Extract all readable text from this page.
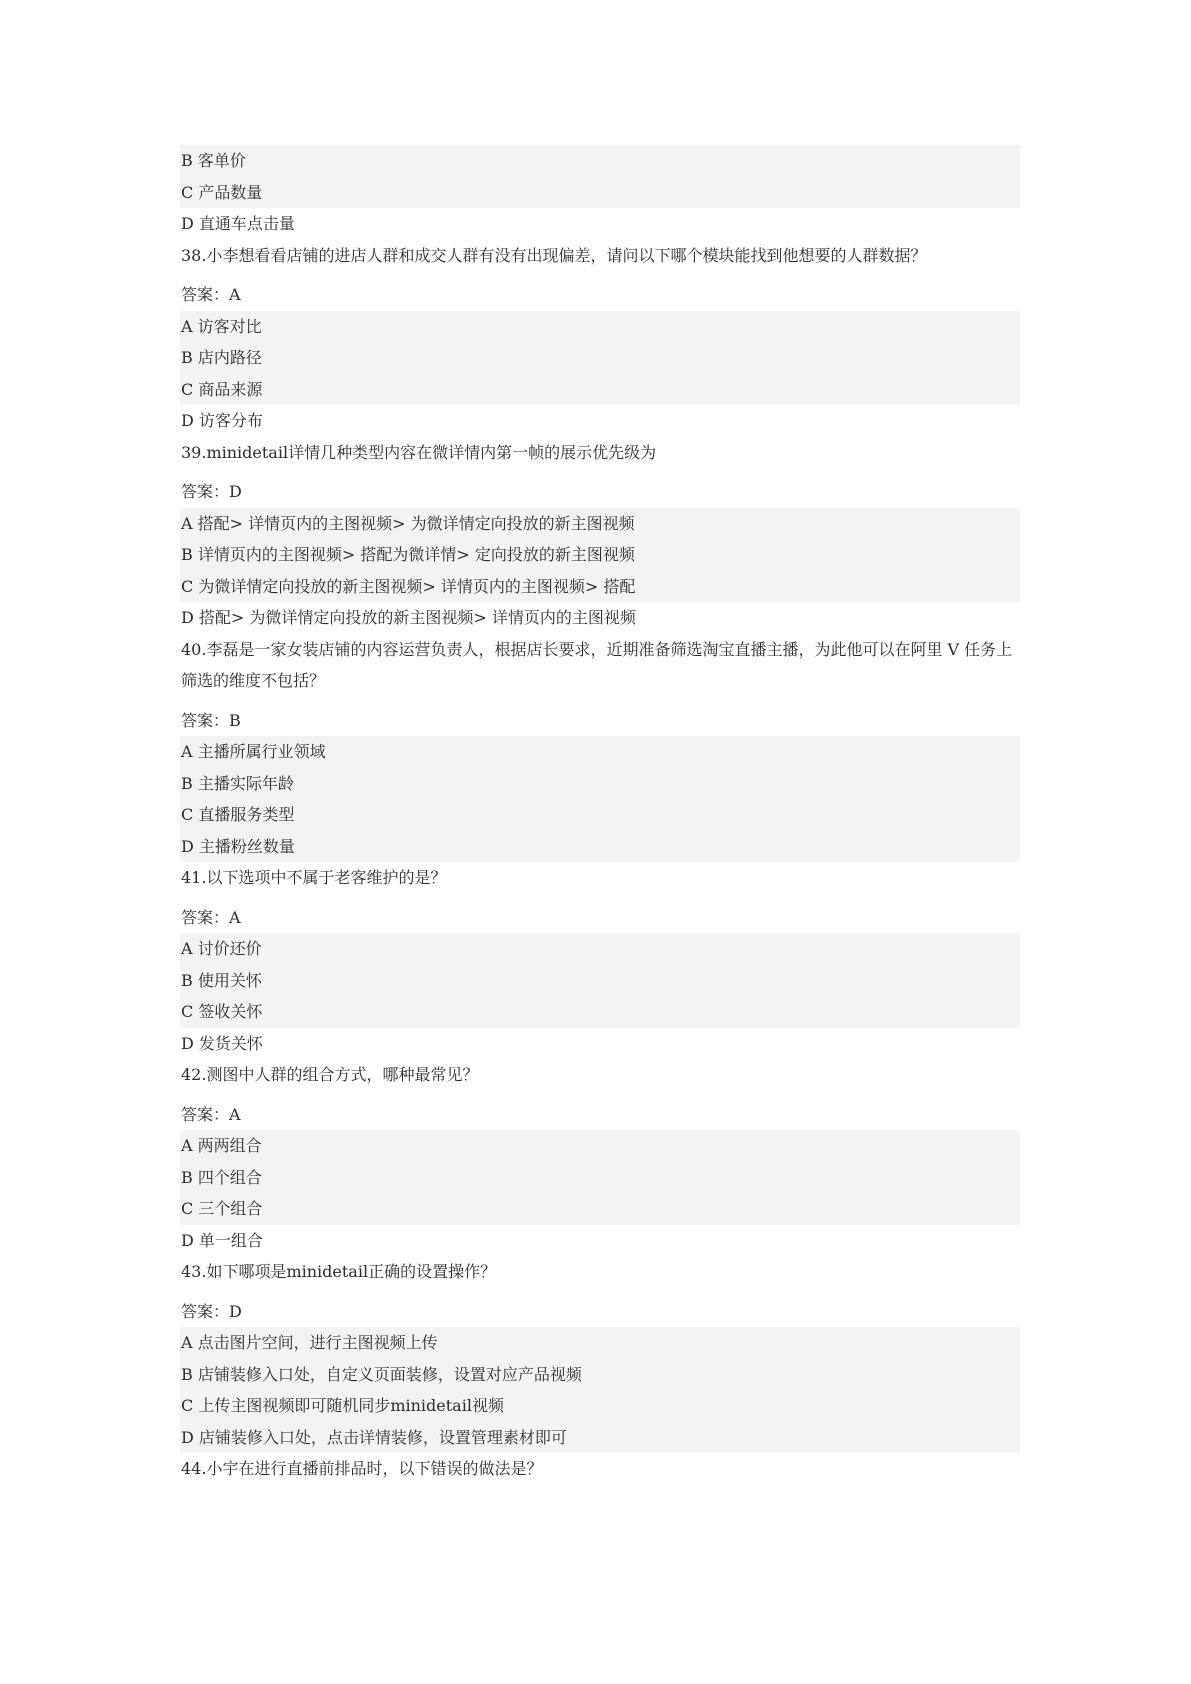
B 客单价
C 产品数量
D 直通车点击量
38.小李想看看店铺的进店人群和成交人群有没有出现偏差，请问以下哪个模块能找到他想要的人群数据？
答案：A
A 访客对比
B 店内路径
C 商品来源
D 访客分布
39.minidetail详情几种类型内容在微详情内第一帧的展示优先级为
答案：D
A 搭配> 详情页内的主图视频> 为微详情定向投放的新主图视频
B 详情页内的主图视频> 搭配为微详情> 定向投放的新主图视频
C 为微详情定向投放的新主图视频> 详情页内的主图视频> 搭配
D 搭配> 为微详情定向投放的新主图视频> 详情页内的主图视频
40.李磊是一家女装店铺的内容运营负责人，根据店长要求，近期准备筛选淘宝直播主播，为此他可以在阿里 V 任务上筛选的维度不包括？
答案：B
A 主播所属行业领域
B 主播实际年龄
C 直播服务类型
D 主播粉丝数量
41.以下选项中不属于老客维护的是？
答案：A
A 讨价还价
B 使用关怀
C 签收关怀
D 发货关怀
42.测图中人群的组合方式，哪种最常见？
答案：A
A 两两组合
B 四个组合
C 三个组合
D 单一组合
43.如下哪项是minidetail正确的设置操作？
答案：D
A 点击图片空间，进行主图视频上传
B 店铺装修入口处，自定义页面装修，设置对应产品视频
C 上传主图视频即可随机同步minidetail视频
D 店铺装修入口处，点击详情装修，设置管理素材即可
44.小宇在进行直播前排品时，以下错误的做法是？
